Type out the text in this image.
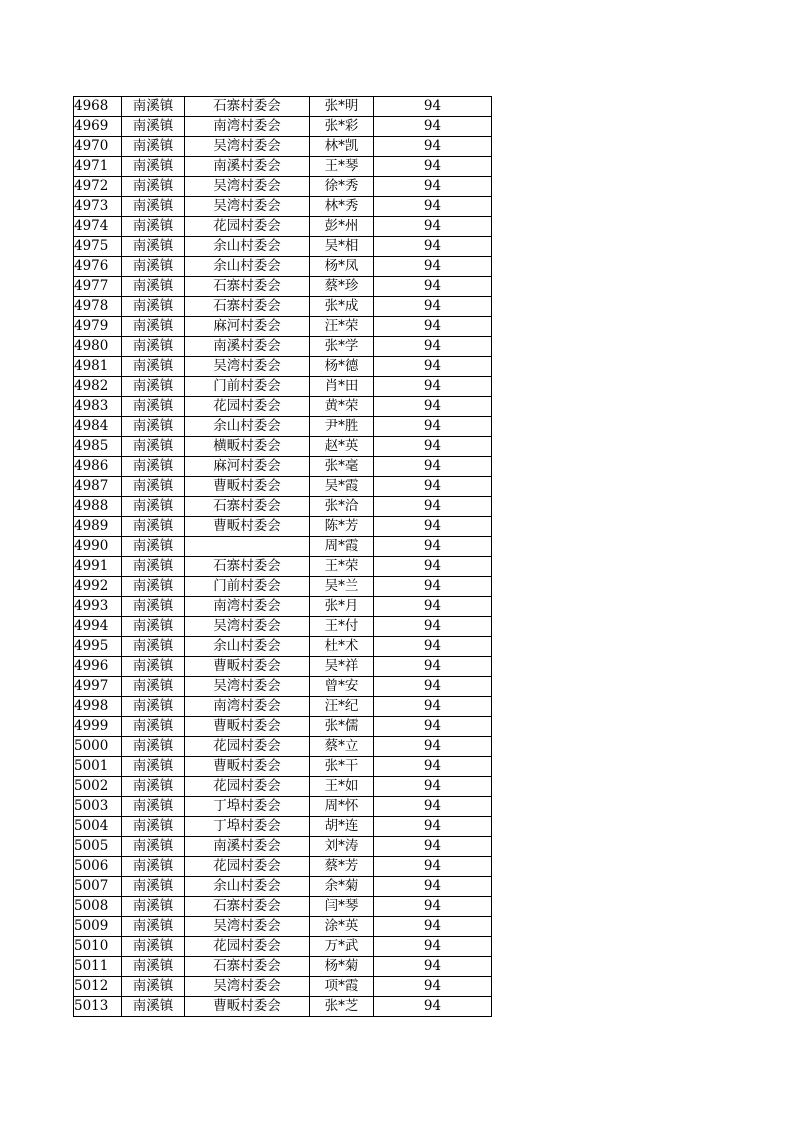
4968	南溪镇	石寨村委会	张*明	94
4969	南溪镇	南湾村委会	张*彩	94
4970	南溪镇	吴湾村委会	林*凯	94
4971	南溪镇	南溪村委会	王*琴	94
4972	南溪镇	吴湾村委会	徐*秀	94
4973	南溪镇	吴湾村委会	林*秀	94
4974	南溪镇	花园村委会	彭*州	94
4975	南溪镇	余山村委会	吴*相	94
4976	南溪镇	余山村委会	杨*凤	94
4977	南溪镇	石寨村委会	蔡*珍	94
4978	南溪镇	石寨村委会	张*成	94
4979	南溪镇	麻河村委会	汪*荣	94
4980	南溪镇	南溪村委会	张*学	94
4981	南溪镇	吴湾村委会	杨*德	94
4982	南溪镇	门前村委会	肖*田	94
4983	南溪镇	花园村委会	黄*荣	94
4984	南溪镇	余山村委会	尹*胜	94
4985	南溪镇	横畈村委会	赵*英	94
4986	南溪镇	麻河村委会	张*毫	94
4987	南溪镇	曹畈村委会	吴*霞	94
4988	南溪镇	石寨村委会	张*洽	94
4989	南溪镇	曹畈村委会	陈*芳	94
4990	南溪镇		周*霞	94
4991	南溪镇	石寨村委会	王*荣	94
4992	南溪镇	门前村委会	吴*兰	94
4993	南溪镇	南湾村委会	张*月	94
4994	南溪镇	吴湾村委会	王*付	94
4995	南溪镇	余山村委会	杜*术	94
4996	南溪镇	曹畈村委会	吴*祥	94
4997	南溪镇	吴湾村委会	曾*安	94
4998	南溪镇	南湾村委会	汪*纪	94
4999	南溪镇	曹畈村委会	张*儒	94
5000	南溪镇	花园村委会	蔡*立	94
5001	南溪镇	曹畈村委会	张*干	94
5002	南溪镇	花园村委会	王*如	94
5003	南溪镇	丁埠村委会	周*怀	94
5004	南溪镇	丁埠村委会	胡*连	94
5005	南溪镇	南溪村委会	刘*涛	94
5006	南溪镇	花园村委会	蔡*芳	94
5007	南溪镇	余山村委会	余*菊	94
5008	南溪镇	石寨村委会	闫*琴	94
5009	南溪镇	吴湾村委会	涂*英	94
5010	南溪镇	花园村委会	万*武	94
5011	南溪镇	石寨村委会	杨*菊	94
5012	南溪镇	吴湾村委会	项*霞	94
5013	南溪镇	曹畈村委会	张*芝	94
